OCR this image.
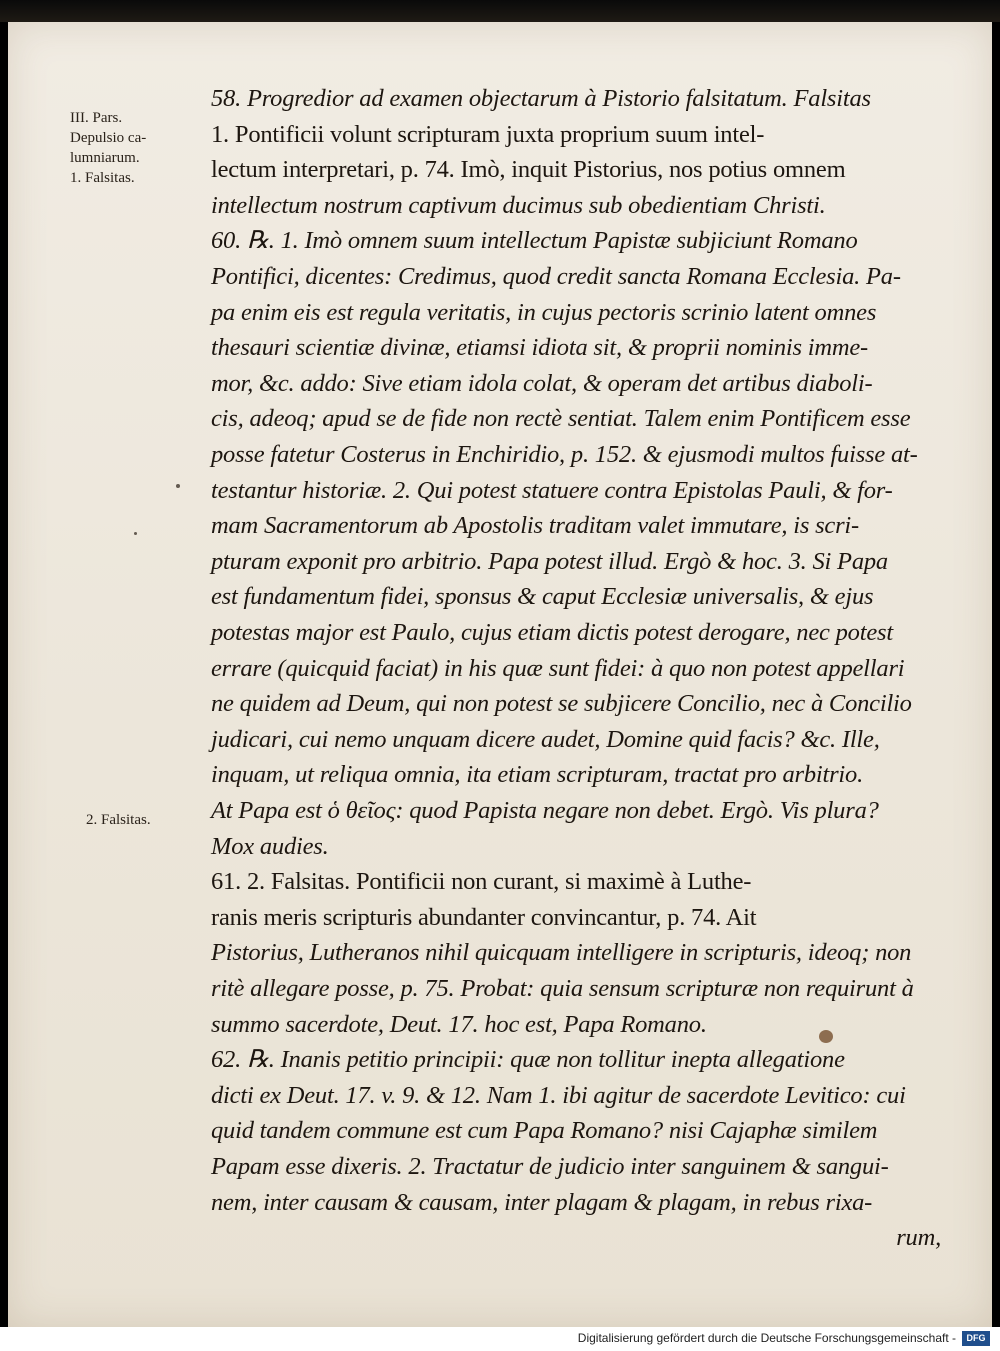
III. Pars.
Depulsio ca-
lumniarum.
1. Falsitas.
2. Falsitas.
58. Progredior ad examen objectarum à Pistorio falsitatum. Falsitas
1. Pontificii volunt scripturam juxta proprium suum intel-
lectum interpretari, p. 74. Imò, inquit Pistorius, nos potius omnem
intellectum nostrum captivum ducimus sub obedientiam Christi.
60. ℞. 1. Imò omnem suum intellectum Papistæ subjiciunt Romano
Pontifici, dicentes: Credimus, quod credit sancta Romana Ecclesia. Pa-
pa enim eis est regula veritatis, in cujus pectoris scrinio latent omnes
thesauri scientiæ divinæ, etiamsi idiota sit, & proprii nominis imme-
mor, &c. addo: Sive etiam idola colat, & operam det artibus diaboli-
cis, adeoq; apud se de fide non rectè sentiat. Talem enim Pontificem esse
posse fatetur Costerus in Enchiridio, p. 152. & ejusmodi multos fuisse at-
testantur historiæ. 2. Qui potest statuere contra Epistolas Pauli, & for-
mam Sacramentorum ab Apostolis traditam valet immutare, is scri-
pturam exponit pro arbitrio. Papa potest illud. Ergò & hoc. 3. Si Papa
est fundamentum fidei, sponsus & caput Ecclesiæ universalis, & ejus
potestas major est Paulo, cujus etiam dictis potest derogare, nec potest
errare (quicquid faciat) in his quæ sunt fidei: à quo non potest appellari
ne quidem ad Deum, qui non potest se subjicere Concilio, nec à Concilio
judicari, cui nemo unquam dicere audet, Domine quid facis? &c. Ille,
inquam, ut reliqua omnia, ita etiam scripturam, tractat pro arbitrio.
At Papa est ὁ θεῖος: quod Papista negare non debet. Ergò. Vis plura?
Mox audies.
61. 2. Falsitas. Pontificii non curant, si maximè à Luthe-
ranis meris scripturis abundanter convincantur, p. 74. Ait
Pistorius, Lutheranos nihil quicquam intelligere in scripturis, ideoq; non
ritè allegare posse, p. 75. Probat: quia sensum scripturæ non requirunt à
summo sacerdote, Deut. 17. hoc est, Papa Romano.
62. ℞. Inanis petitio principii: quæ non tollitur inepta allegatione
dicti ex Deut. 17. v. 9. & 12. Nam 1. ibi agitur de sacerdote Levitico: cui
quid tandem commune est cum Papa Romano? nisi Cajaphæ similem
Papam esse dixeris. 2. Tractatur de judicio inter sanguinem & sangui-
nem, inter causam & causam, inter plagam & plagam, in rebus rixa-
rum,
Digitalisierung gefördert durch die Deutsche Forschungsgemeinschaft -	DFG
